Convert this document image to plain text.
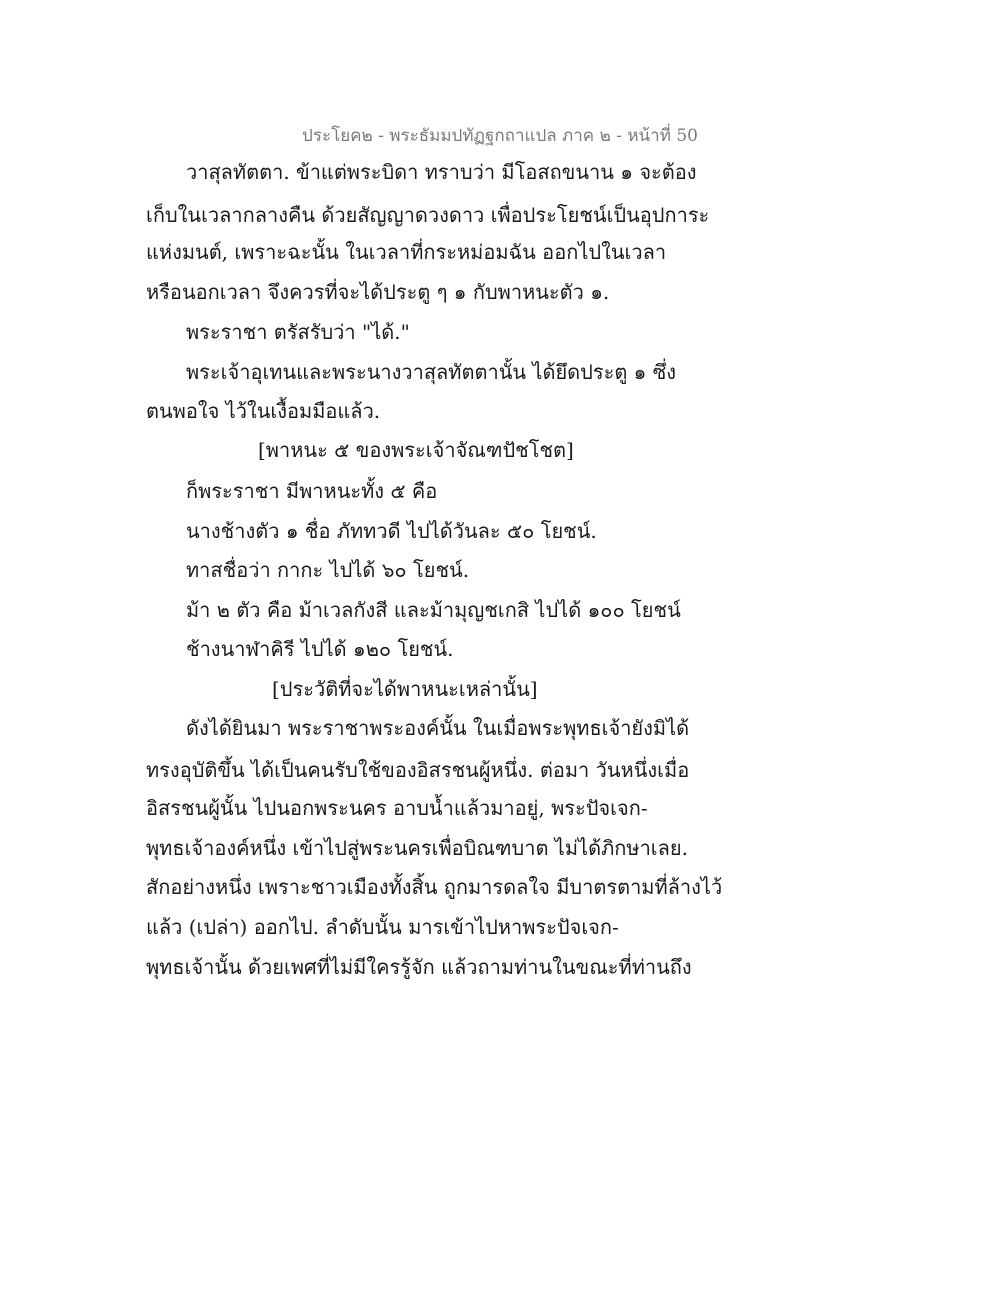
ประโยค๒ - พระธัมมปทัฏฐกถาแปล ภาค ๒ - หน้าที่ 50
วาสุลทัตตา. ข้าแต่พระบิดา ทราบว่า มีโอสถขนาน ๑ จะต้อง
เก็บในเวลากลางคืน ด้วยสัญญาดวงดาว เพื่อประโยชน์เป็นอุปการะ
แห่งมนต์, เพราะฉะนั้น ในเวลาที่กระหม่อมฉัน ออกไปในเวลา
หรือนอกเวลา จึงควรที่จะได้ประตู ๆ ๑ กับพาหนะตัว ๑.
พระราชา ตรัสรับว่า "ได้."
พระเจ้าอุเทนและพระนางวาสุลทัตตานั้น ได้ยึดประตู ๑ ซึ่ง
ตนพอใจ ไว้ในเงื้อมมือแล้ว.
[พาหนะ ๕ ของพระเจ้าจัณฑปัชโชต]
ก็พระราชา มีพาหนะทั้ง ๕ คือ
นางช้างตัว ๑ ชื่อ ภัททวดี ไปได้วันละ ๕๐ โยชน์.
ทาสชื่อว่า กากะ ไปได้ ๖๐ โยชน์.
ม้า ๒ ตัว คือ ม้าเวลกังสี และม้ามุญชเกสิ ไปได้ ๑๐๐ โยชน์
ช้างนาฬาคิรี ไปได้ ๑๒๐ โยชน์.
[ประวัติที่จะได้พาหนะเหล่านั้น]
ดังได้ยินมา พระราชาพระองค์นั้น ในเมื่อพระพุทธเจ้ายังมิได้
ทรงอุบัติขึ้น ได้เป็นคนรับใช้ของอิสรชนผู้หนึ่ง. ต่อมา วันหนึ่งเมื่อ
อิสรชนผู้นั้น ไปนอกพระนคร อาบน้ำแล้วมาอยู่, พระปัจเจก-
พุทธเจ้าองค์หนึ่ง เข้าไปสู่พระนครเพื่อบิณฑบาต ไม่ได้ภิกษาเลย.
สักอย่างหนึ่ง เพราะชาวเมืองทั้งสิ้น ถูกมารดลใจ มีบาตรตามที่ล้างไว้
แล้ว (เปล่า) ออกไป. ลำดับนั้น มารเข้าไปหาพระปัจเจก-
พุทธเจ้านั้น ด้วยเพศที่ไม่มีใครรู้จัก แล้วถามท่านในขณะที่ท่านถึง
